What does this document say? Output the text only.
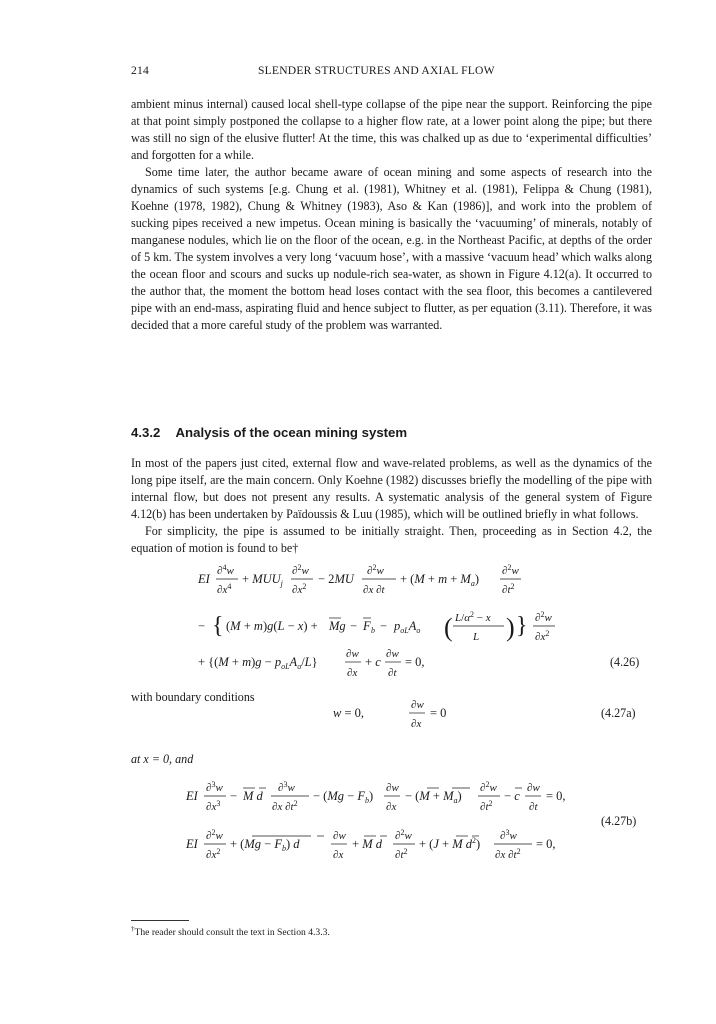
214	SLENDER STRUCTURES AND AXIAL FLOW

ambient minus internal) caused local shell-type collapse of the pipe near the support. Reinforcing the pipe at that point simply postponed the collapse to a higher flow rate, at a lower point along the pipe; but there was still no sign of the elusive flutter! At the time, this was chalked up as due to ‘experimental difficulties’ and forgotten for a while.

Some time later, the author became aware of ocean mining and some aspects of research into the dynamics of such systems [e.g. Chung et al. (1981), Whitney et al. (1981), Felippa & Chung (1981), Koehne (1978, 1982), Chung & Whitney (1983), Aso & Kan (1986)], and work into the problem of sucking pipes received a new impetus. Ocean mining is basically the ‘vacuuming’ of minerals, notably of manganese nodules, which lie on the floor of the ocean, e.g. in the Northeast Pacific, at depths of the order of 5 km. The system involves a very long ‘vacuum hose’, with a massive ‘vacuum head’ which walks along the ocean floor and scours and sucks up nodule-rich sea-water, as shown in Figure 4.12(a). It occurred to the author that, the moment the bottom head loses contact with the sea floor, this becomes a cantilevered pipe with an end-mass, aspirating fluid and hence subject to flutter, as per equation (3.11). Therefore, it was decided that a more careful study of the problem was warranted.

4.3.2 Analysis of the ocean mining system

In most of the papers just cited, external flow and wave-related problems, as well as the dynamics of the long pipe itself, are the main concern. Only Koehne (1982) discusses briefly the modelling of the pipe with internal flow, but does not present any results. A systematic analysis of the general system of Figure 4.12(b) has been undertaken by Païdoussis & Luu (1985), which will be outlined briefly in what follows.

For simplicity, the pipe is assumed to be initially straight. Then, proceeding as in Section 4.2, the equation of motion is found to be†

EI
∂$^4$w
$\partial x^4$
+ $MUU_j$
∂$^2$w
$\partial x^2$
− 2MU
∂$^2$w
∂x ∂t
+ $(M + m + M_a)$
∂$^2$w
$\partial t^2$
− { (M + m)g(L − x) + Mg − F $b - p_{oL}A_o$ ( $L/\alpha^2 - x$
L ) } ∂$^2$w
$\partial x^2$
+ $\{(M + m)g - p_{oL}A_o/L\}$
∂w
∂x
+ c
∂w
∂t
= 0,
w = 0,
∂w
∂x
= 0
EI
∂$^3$w
$\partial x^3$
− M d
∂$^3$w
∂x $\partial t^2$
− $(Mg - F_b)$
∂w
∂x
− $(M + M_a)$
∂$^2$w
$\partial t^2$
− c
∂w
∂t
= 0,
EI
∂$^2$w
$\partial x^2$
+ $(Mg - F_b)$ d
∂w
∂x
+ M d
∂$^2$w
$\partial t^2$
+ (J + M $d^2$)
∂$^3$w
∂x $\partial t^2$
= 0,
(4.26)
with boundary conditions
(4.27a)
at x = 0, and
(4.27b)
†The reader should consult the text in Section 4.3.3.
